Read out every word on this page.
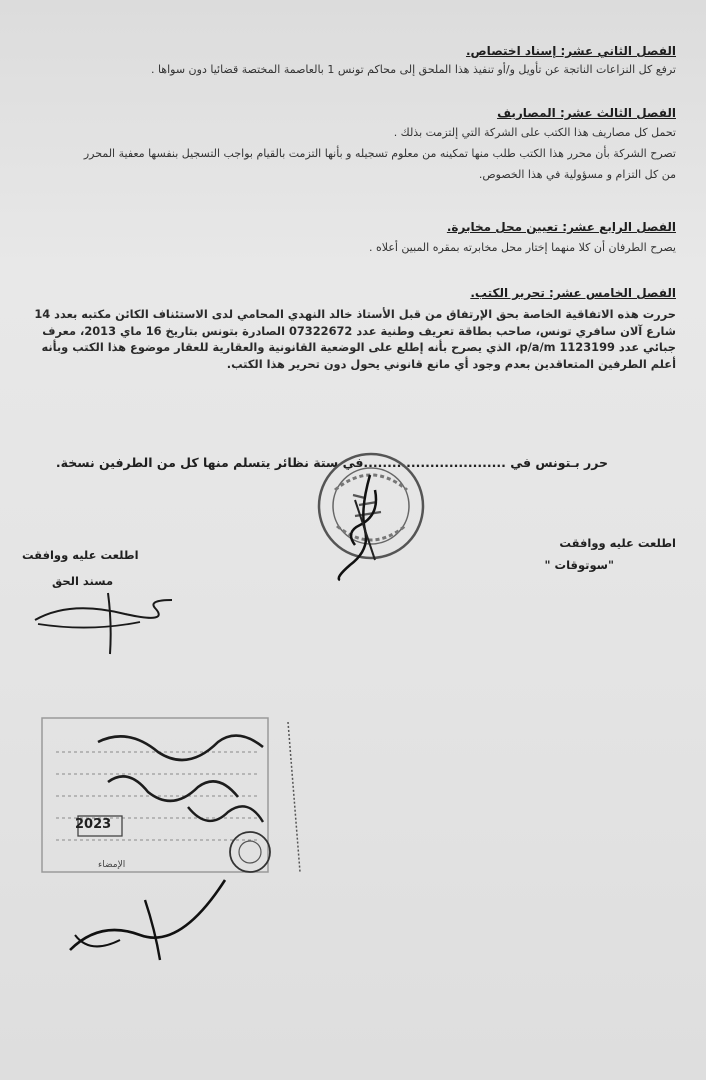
الفصل الثاني عشر: إسناد اختصاص.
ترفع كل النزاعات الناتجة عن تأويل و/أو تنفيذ هذا الملحق إلى محاكم تونس 1 بالعاصمة المختصة قضائيا دون سواها .
الفصل الثالث عشر: المصاريف
تحمل كل مصاريف هذا الكتب على الشركة التي إلتزمت بذلك .
تصرح الشركة بأن محرر هذا الكتب طلب منها تمكينه من معلوم تسجيله و بأنها التزمت بالقيام بواجب التسجيل بنفسها معفية المحرر
من كل التزام و مسؤولية في هذا الخصوص.
الفصل الرابع عشر: تعيين محل مخابرة.
يصرح الطرفان أن كلا منهما إختار محل مخابرته بمقره المبين أعلاه .
الفصل الخامس عشر: تحرير الكتب.
حررت هذه الاتفاقية الخاصة بحق الإرتفاق من قبل الأستاذ خالد النهدي المحامي لدى الاستئناف الكائن مكتبه بعدد 14 شارع آلان سافري تونس، صاحب بطاقة تعريف وطنية عدد 07322672 الصادرة بتونس بتاريخ 16 ماي 2013، معرف جبائي عدد 1123199 p/a/m، الذي يصرح بأنه إطلع على الوضعية القانونية والعقارية للعقار موضوع هذا الكتب وبأنه أعلم الطرفين المتعاقدين بعدم وجود أي مانع قانوني يحول دون تحرير هذا الكتب.
حرر بـتونس في ..............................في ستة نظائر يتسلم منها كل من الطرفين نسخة.
اطلعت عليه ووافقت
"سوتوقات "
اطلعت عليه ووافقت
مسند الحق
2023
الإمضاء
